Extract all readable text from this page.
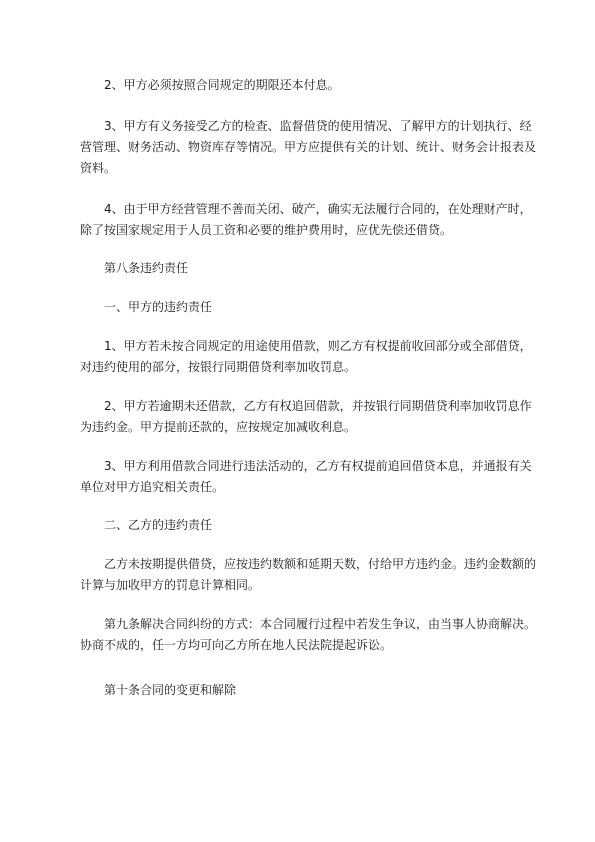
2、甲方必须按照合同规定的期限还本付息。

3、甲方有义务接受乙方的检查、监督借贷的使用情况、了解甲方的计划执行、经营管理、财务活动、物资库存等情况。甲方应提供有关的计划、统计、财务会计报表及资料。

4、由于甲方经营管理不善而关闭、破产，确实无法履行合同的，在处理财产时，除了按国家规定用于人员工资和必要的维护费用时，应优先偿还借贷。

第八条违约责任

一、甲方的违约责任

1、甲方若未按合同规定的用途使用借款，则乙方有权提前收回部分或全部借贷，对违约使用的部分，按银行同期借贷利率加收罚息。

2、甲方若逾期未还借款，乙方有权追回借款，并按银行同期借贷利率加收罚息作为违约金。甲方提前还款的，应按规定加减收利息。

3、甲方利用借款合同进行违法活动的，乙方有权提前追回借贷本息，并通报有关单位对甲方追究相关责任。

二、乙方的违约责任

乙方未按期提供借贷，应按违约数额和延期天数，付给甲方违约金。违约金数额的计算与加收甲方的罚息计算相同。

第九条解决合同纠纷的方式：本合同履行过程中若发生争议，由当事人协商解决。协商不成的，任一方均可向乙方所在地人民法院提起诉讼。

第十条合同的变更和解除
